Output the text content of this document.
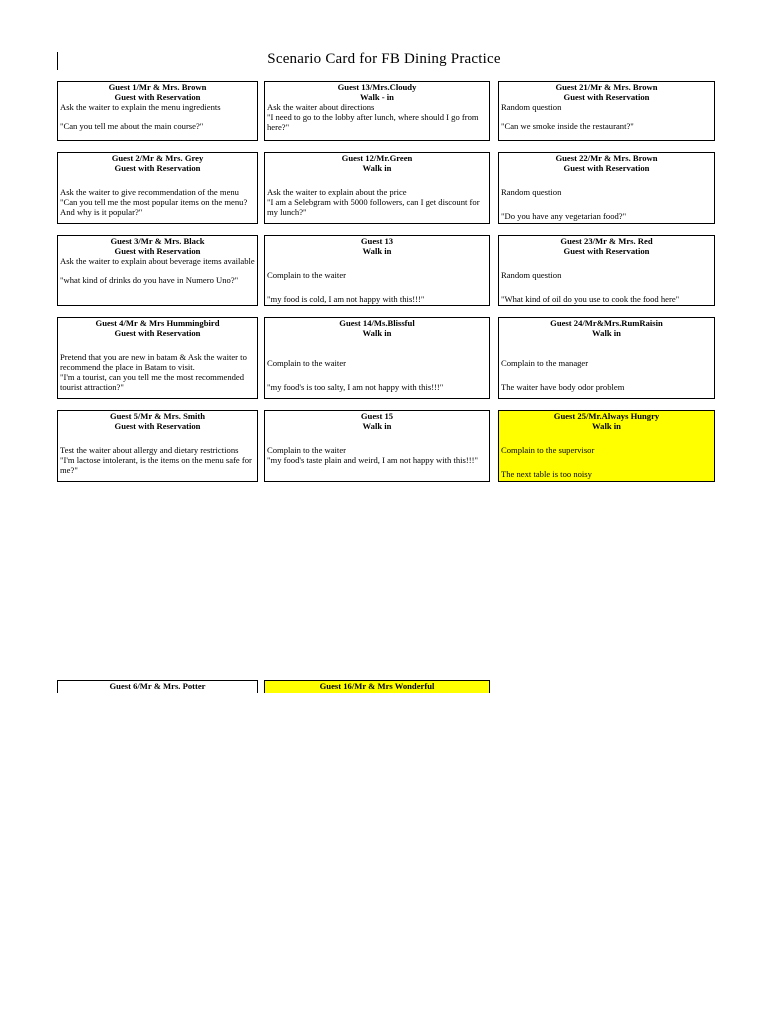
Scenario Card for FB Dining Practice
Guest 1/Mr & Mrs. Brown
Guest with Reservation
Ask the waiter to explain the menu ingredients
"Can you tell me about the main course?"
Guest 13/Mrs.Cloudy
Walk - in
Ask the waiter about directions
"I need to go to the lobby after lunch, where should I go from here?"
Guest 21/Mr & Mrs. Brown
Guest with Reservation
Random question
"Can we smoke inside the restaurant?"
Guest 2/Mr & Mrs. Grey
Guest with Reservation
Ask the waiter to give recommendation of the menu
"Can you tell me the most popular items on the menu? And why is it popular?"
Guest 12/Mr.Green
Walk in
Ask the waiter to explain about the price
"I am a Selebgram with 5000 followers, can I get discount for my lunch?"
Guest 22/Mr & Mrs. Brown
Guest with Reservation
Random question
"Do you have any vegetarian food?"
Guest 3/Mr & Mrs. Black
Guest with Reservation
Ask the waiter to explain about beverage items available
"what kind of drinks do you have in Numero Uno?"
Guest 13
Walk in
Complain to the waiter
"my food is cold, I am not happy with this!!!"
Guest 23/Mr & Mrs. Red
Guest with Reservation
Random question
"What kind of oil do you use to cook the food here"
Guest 4/Mr & Mrs Hummingbird
Guest with Reservation
Pretend that you are new in batam & Ask the waiter to recommend the place in Batam to visit.
"I'm a tourist, can you tell me the most recommended tourist attraction?"
Guest 14/Ms.Blissful
Walk in
Complain to the waiter
"my food's is too salty, I am not happy with this!!!"
Guest 24/Mr&Mrs.RumRaisin
Walk in
Complain to the manager
The waiter have body odor problem
Guest 5/Mr & Mrs. Smith
Guest with Reservation
Test the waiter about allergy and dietary restrictions
"I'm lactose intolerant, is the items on the menu safe for me?"
Guest 15
Walk in
Complain to the waiter
"my food's taste plain and weird, I am not happy with this!!!"
Guest 25/Mr.Always Hungry
Walk in
Complain to the supervisor
The next table is too noisy
Guest 6/Mr & Mrs. Potter	Guest 16/Mr & Mrs Wonderful
